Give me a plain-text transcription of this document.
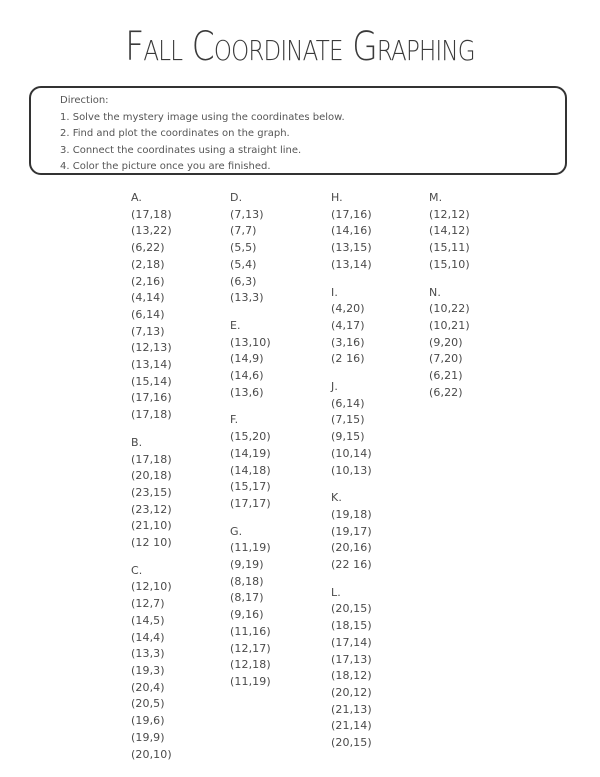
Fall Coordinate Graphing
Direction:
1. Solve the mystery image using the coordinates below.
2. Find and plot the coordinates on the graph.
3. Connect the coordinates using a straight line.
4. Color the picture once you are finished.
A.
(17,18)
(13,22)
(6,22)
(2,18)
(2,16)
(4,14)
(6,14)
(7,13)
(12,13)
(13,14)
(15,14)
(17,16)
(17,18)
B.
(17,18)
(20,18)
(23,15)
(23,12)
(21,10)
(12 10)
C.
(12,10)
(12,7)
(14,5)
(14,4)
(13,3)
(19,3)
(20,4)
(20,5)
(19,6)
(19,9)
(20,10)
D.
(7,13)
(7,7)
(5,5)
(5,4)
(6,3)
(13,3)
E.
(13,10)
(14,9)
(14,6)
(13,6)
F.
(15,20)
(14,19)
(14,18)
(15,17)
(17,17)
G.
(11,19)
(9,19)
(8,18)
(8,17)
(9,16)
(11,16)
(12,17)
(12,18)
(11,19)
H.
(17,16)
(14,16)
(13,15)
(13,14)
I.
(4,20)
(4,17)
(3,16)
(2 16)
J.
(6,14)
(7,15)
(9,15)
(10,14)
(10,13)
K.
(19,18)
(19,17)
(20,16)
(22 16)
L.
(20,15)
(18,15)
(17,14)
(17,13)
(18,12)
(20,12)
(21,13)
(21,14)
(20,15)
M.
(12,12)
(14,12)
(15,11)
(15,10)
N.
(10,22)
(10,21)
(9,20)
(7,20)
(6,21)
(6,22)
